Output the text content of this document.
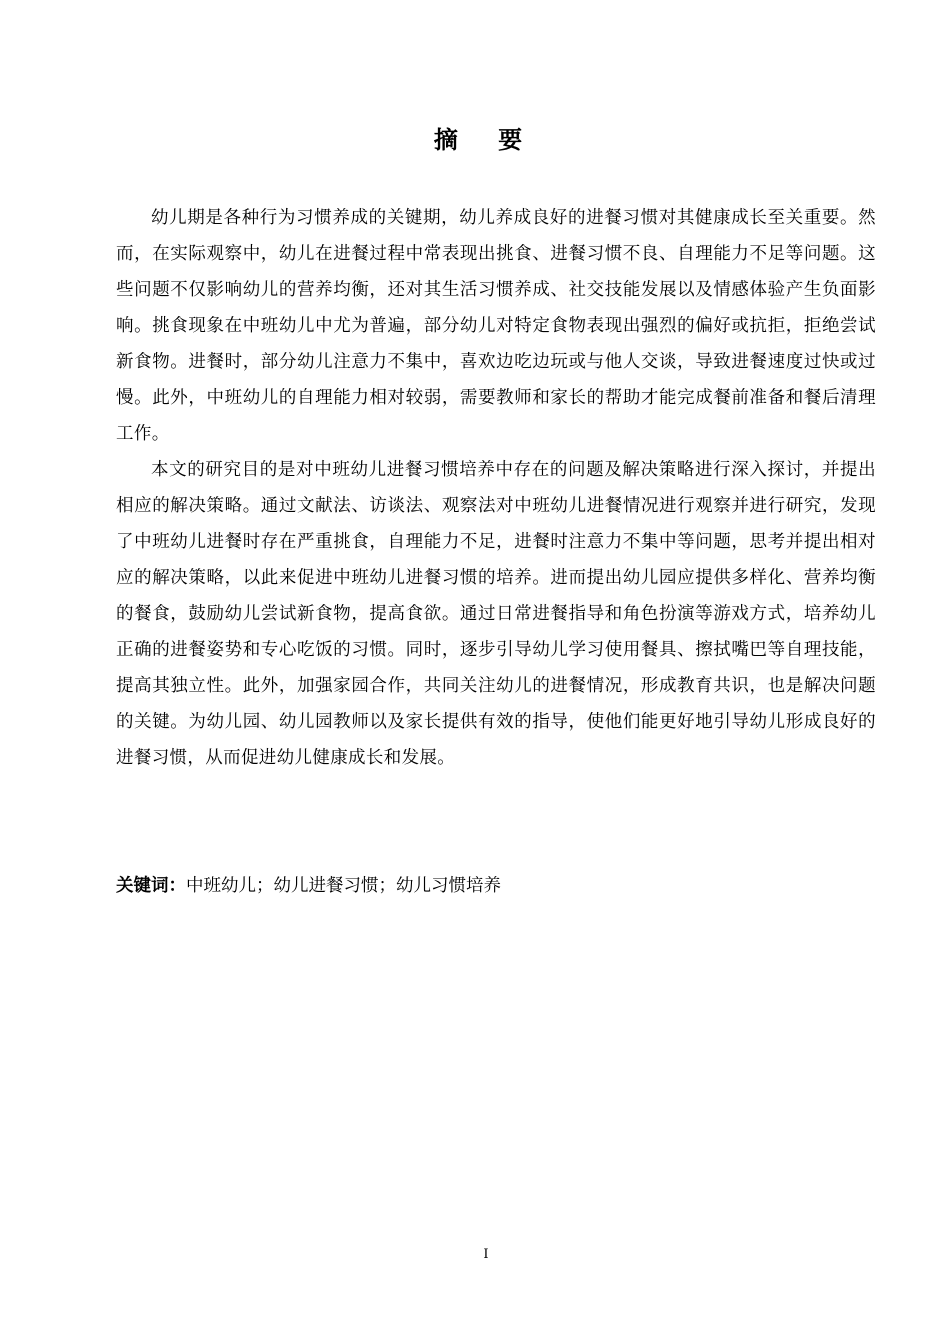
摘 要

幼儿期是各种行为习惯养成的关键期，幼儿养成良好的进餐习惯对其健康成长至关重要。然而，在实际观察中，幼儿在进餐过程中常表现出挑食、进餐习惯不良、自理能力不足等问题。这些问题不仅影响幼儿的营养均衡，还对其生活习惯养成、社交技能发展以及情感体验产生负面影响。挑食现象在中班幼儿中尤为普遍，部分幼儿对特定食物表现出强烈的偏好或抗拒，拒绝尝试新食物。进餐时，部分幼儿注意力不集中，喜欢边吃边玩或与他人交谈，导致进餐速度过快或过慢。此外，中班幼儿的自理能力相对较弱，需要教师和家长的帮助才能完成餐前准备和餐后清理工作。

本文的研究目的是对中班幼儿进餐习惯培养中存在的问题及解决策略进行深入探讨，并提出相应的解决策略。通过文献法、访谈法、观察法对中班幼儿进餐情况进行观察并进行研究，发现了中班幼儿进餐时存在严重挑食，自理能力不足，进餐时注意力不集中等问题，思考并提出相对应的解决策略，以此来促进中班幼儿进餐习惯的培养。进而提出幼儿园应提供多样化、营养均衡的餐食，鼓励幼儿尝试新食物，提高食欲。通过日常进餐指导和角色扮演等游戏方式，培养幼儿正确的进餐姿势和专心吃饭的习惯。同时，逐步引导幼儿学习使用餐具、擦拭嘴巴等自理技能，提高其独立性。此外，加强家园合作，共同关注幼儿的进餐情况，形成教育共识，也是解决问题的关键。为幼儿园、幼儿园教师以及家长提供有效的指导，使他们能更好地引导幼儿形成良好的进餐习惯，从而促进幼儿健康成长和发展。

关键词：中班幼儿；幼儿进餐习惯；幼儿习惯培养
I
